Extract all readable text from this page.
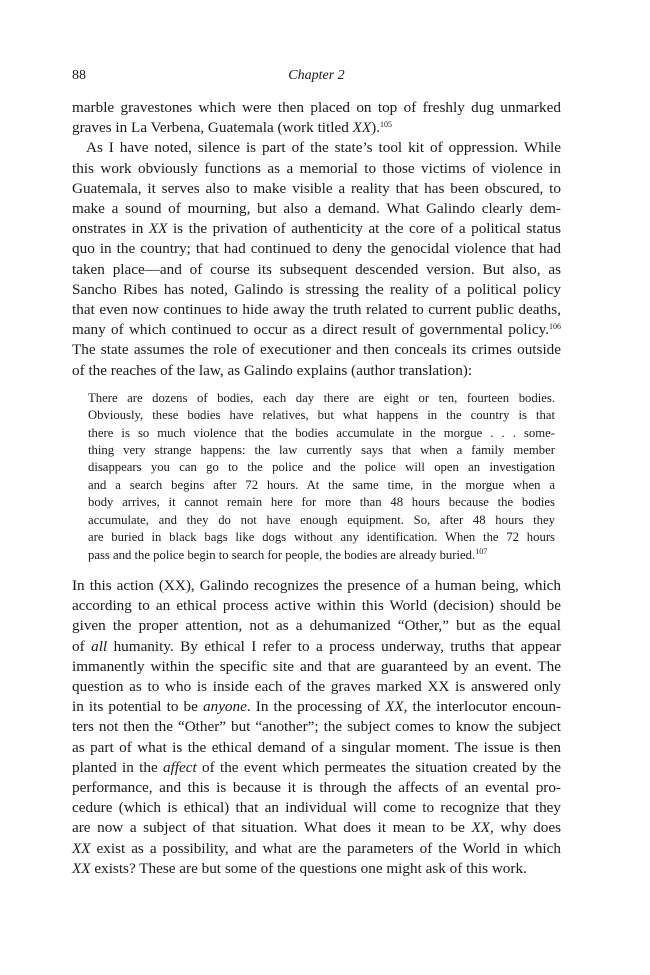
88	Chapter 2
marble gravestones which were then placed on top of freshly dug unmarked
graves in La Verbena, Guatemala (work titled XX).$^{105}$
As I have noted, silence is part of the state’s tool kit of oppression. While
this work obviously functions as a memorial to those victims of violence in
Guatemala, it serves also to make visible a reality that has been obscured, to
make a sound of mourning, but also a demand. What Galindo clearly dem-
onstrates in XX is the privation of authenticity at the core of a political status
quo in the country; that had continued to deny the genocidal violence that had
taken place—and of course its subsequent descended version. But also, as
Sancho Ribes has noted, Galindo is stressing the reality of a political policy
that even now continues to hide away the truth related to current public deaths,
many of which continued to occur as a direct result of governmental policy.$^{106}$
The state assumes the role of executioner and then conceals its crimes outside
of the reaches of the law, as Galindo explains (author translation):
There are dozens of bodies, each day there are eight or ten, fourteen bodies.
Obviously, these bodies have relatives, but what happens in the country is that
there is so much violence that the bodies accumulate in the morgue . . . some-
thing very strange happens: the law currently says that when a family member
disappears you can go to the police and the police will open an investigation
and a search begins after 72 hours. At the same time, in the morgue when a
body arrives, it cannot remain here for more than 48 hours because the bodies
accumulate, and they do not have enough equipment. So, after 48 hours they
are buried in black bags like dogs without any identification. When the 72 hours
pass and the police begin to search for people, the bodies are already buried.$^{107}$
In this action (XX), Galindo recognizes the presence of a human being, which
according to an ethical process active within this World (decision) should be
given the proper attention, not as a dehumanized “Other,” but as the equal
of all humanity. By ethical I refer to a process underway, truths that appear
immanently within the specific site and that are guaranteed by an event. The
question as to who is inside each of the graves marked XX is answered only
in its potential to be anyone. In the processing of XX, the interlocutor encoun-
ters not then the “Other” but “another”; the subject comes to know the subject
as part of what is the ethical demand of a singular moment. The issue is then
planted in the affect of the event which permeates the situation created by the
performance, and this is because it is through the affects of an evental pro-
cedure (which is ethical) that an individual will come to recognize that they
are now a subject of that situation. What does it mean to be XX, why does
XX exist as a possibility, and what are the parameters of the World in which
XX exists? These are but some of the questions one might ask of this work.
